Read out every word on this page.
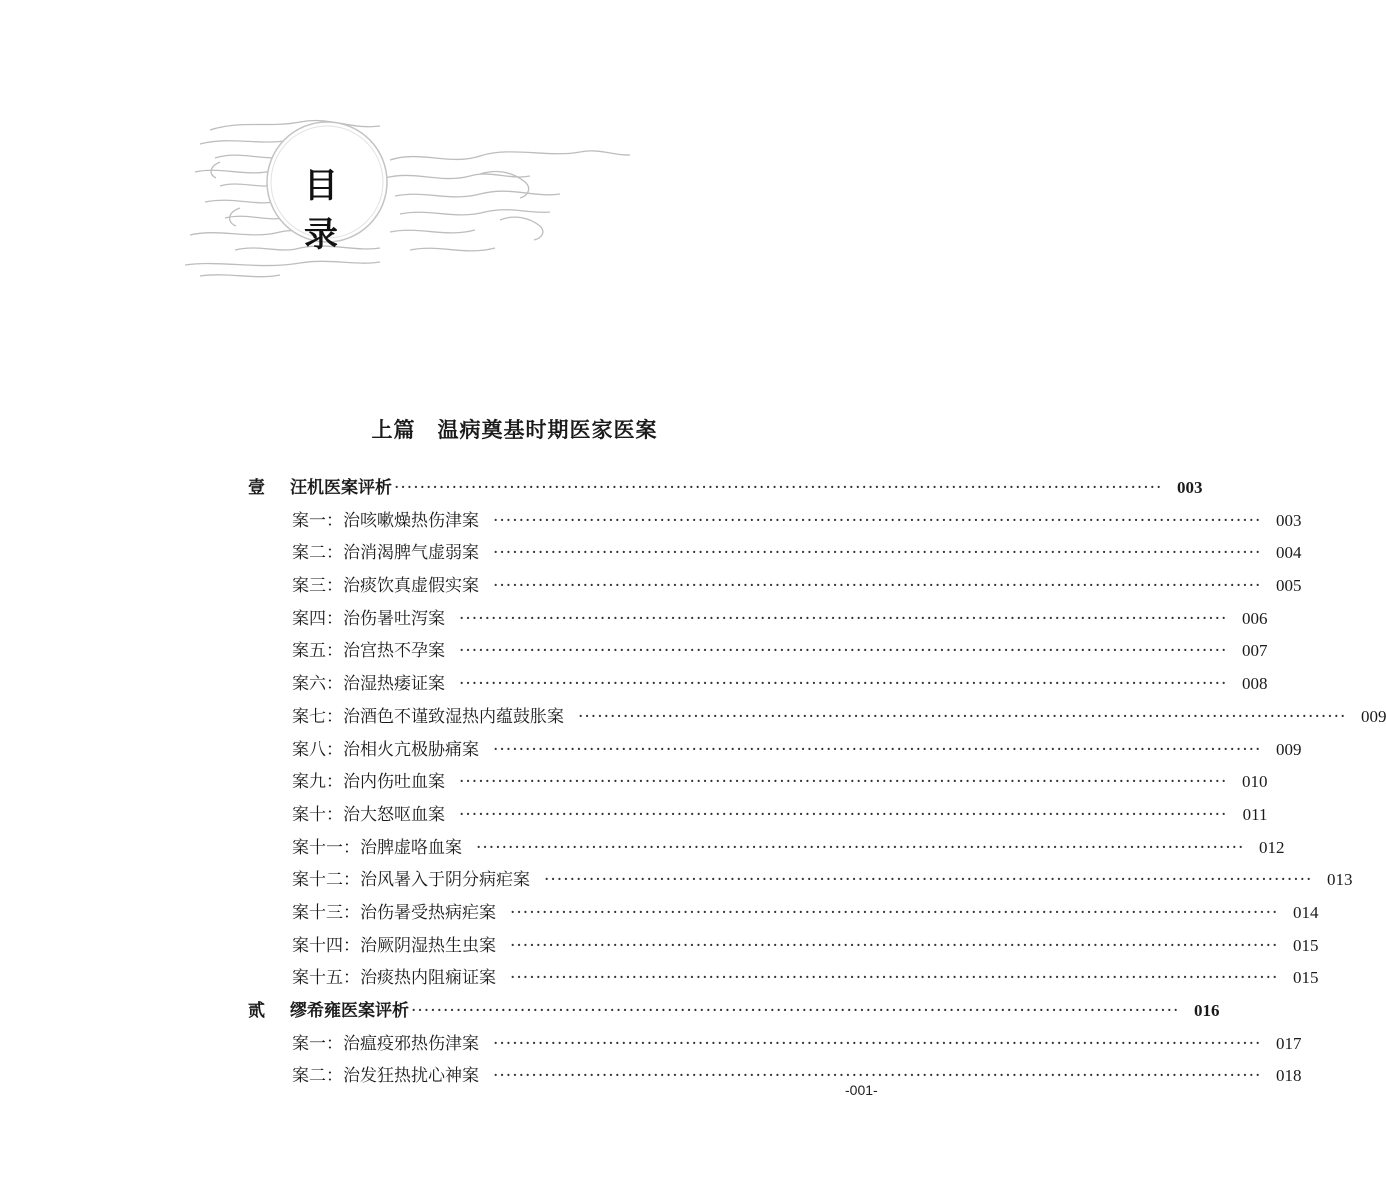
目 录
上篇 温病奠基时期医家医案
壹	汪机医案评析 ························································································································ 003
案一：治咳嗽燥热伤津案 ························································································································ 003
案二：治消渴脾气虚弱案 ························································································································ 004
案三：治痰饮真虚假实案 ························································································································ 005
案四：治伤暑吐泻案 ························································································································ 006
案五：治宫热不孕案 ························································································································ 007
案六：治湿热痿证案 ························································································································ 008
案七：治酒色不谨致湿热内蕴鼓胀案 ························································································································ 009
案八：治相火亢极胁痛案 ························································································································ 009
案九：治内伤吐血案 ························································································································ 010
案十：治大怒呕血案 ························································································································ 011
案十一：治脾虚咯血案 ························································································································ 012
案十二：治风暑入于阴分病疟案 ························································································································ 013
案十三：治伤暑受热病疟案 ························································································································ 014
案十四：治厥阴湿热生虫案 ························································································································ 015
案十五：治痰热内阻痫证案 ························································································································ 015
贰	缪希雍医案评析 ························································································································ 016
案一：治瘟疫邪热伤津案 ························································································································ 017
案二：治发狂热扰心神案 ························································································································ 018
-001-
